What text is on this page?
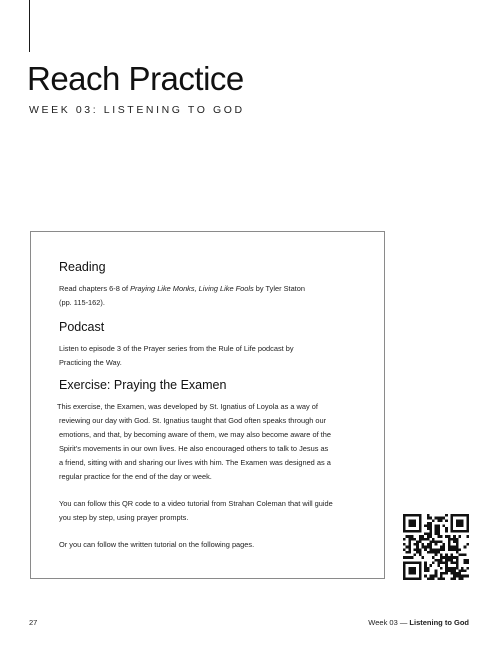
Reach Practice

WEEK 03: LISTENING TO GOD

Reading

Read chapters 6-8 of Praying Like Monks, Living Like Fools by Tyler Staton

(pp. 115-162).

Podcast

Listen to episode 3 of the Prayer series from the Rule of Life podcast by

Practicing the Way.

Exercise: Praying the Examen

This exercise, the Examen, was developed by St. Ignatius of Loyola as a way of

reviewing our day with God. St. Ignatius taught that God often speaks through our

emotions, and that, by becoming aware of them, we may also become aware of the

Spirit's movements in our own lives. He also encouraged others to talk to Jesus as

a friend, sitting with and sharing our lives with him. The Examen was designed as a

regular practice for the end of the day or week.

You can follow this QR code to a video tutorial from Strahan Coleman that will guide

you step by step, using prayer prompts.

Or you can follow the written tutorial on the following pages.

27	Week 03 — Listening to God
